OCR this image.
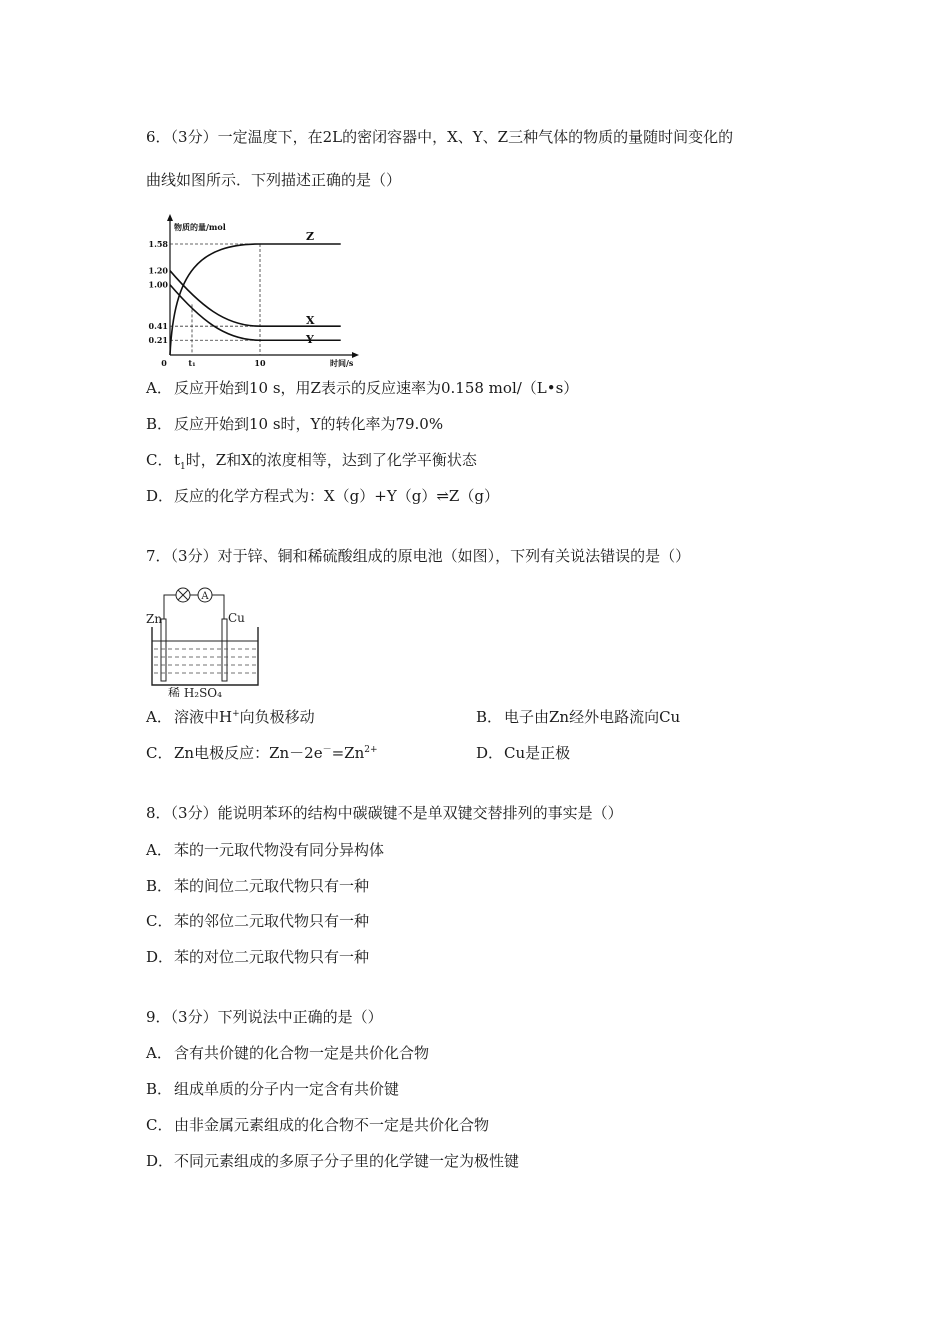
6．（3分）一定温度下，在2L的密闭容器中，X、Y、Z三种气体的物质的量随时间变化的
曲线如图所示．下列描述正确的是（）
物质的量/mol
时间/s
1.58
1.20
1.00
0.41
0.21
0	t₁	10
Z
X
Y
A． 反应开始到10 s，用Z表示的反应速率为0.158 mol/（L•s）
B． 反应开始到10 s时，Y的转化率为79.0%
C． $t_1$时，Z和X的浓度相等，达到了化学平衡状态
D．反应的化学方程式为：X（g）+Y（g）⇌Z（g）
7．（3分）对于锌、铜和稀硫酸组成的原电池（如图），下列有关说法错误的是（）
A
Zn	Cu
稀 H₂SO₄
A． 溶液中H+向负极移动	B． 电子由Zn经外电路流向Cu
C． Zn电极反应：$Zn-2e^-=Zn^{2+}$	D．Cu是正极
8．（3分）能说明苯环的结构中碳碳键不是单双键交替排列的事实是（）
A． 苯的一元取代物没有同分异构体
B． 苯的间位二元取代物只有一种
C． 苯的邻位二元取代物只有一种
D．苯的对位二元取代物只有一种
9．（3分）下列说法中正确的是（）
A． 含有共价键的化合物一定是共价化合物
B． 组成单质的分子内一定含有共价键
C． 由非金属元素组成的化合物不一定是共价化合物
D．不同元素组成的多原子分子里的化学键一定为极性键
